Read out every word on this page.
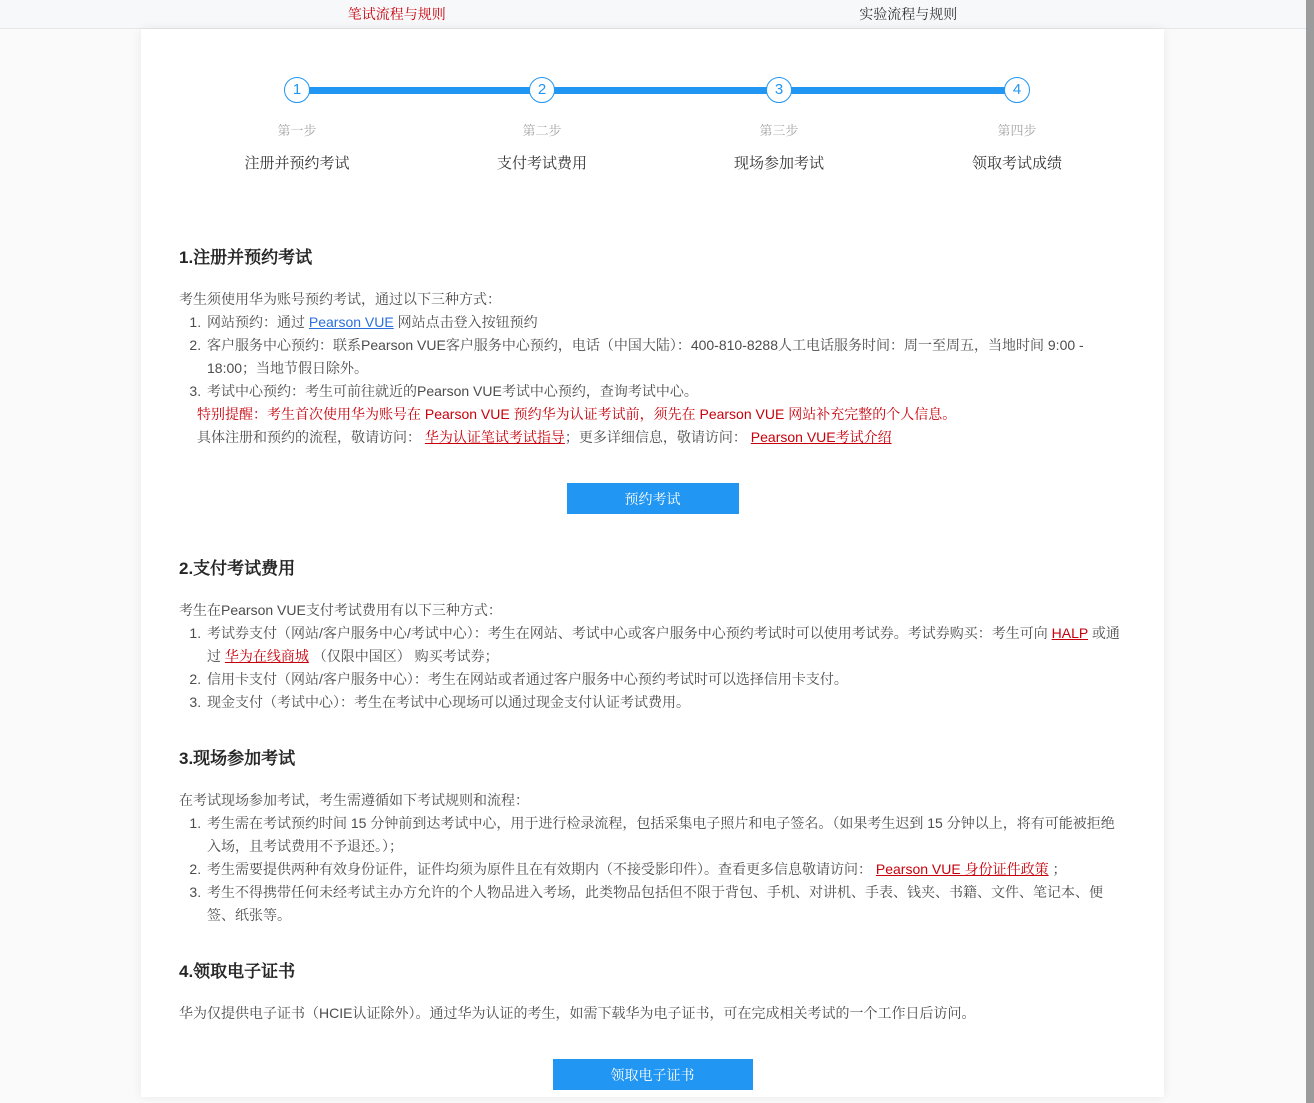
笔试流程与规则	实验流程与规则
1
第一步
注册并预约考试
2
第二步
支付考试费用
3
第三步
现场参加考试
4
第四步
领取考试成绩
1.注册并预约考试

考生须使用华为账号预约考试，通过以下三种方式：

1. 网站预约：通过 Pearson VUE 网站点击登入按钮预约
2. 客户服务中心预约：联系Pearson VUE客户服务中心预约，电话（中国大陆）：400-810-8288人工电话服务时间：周一至周五，当地时间 9:00 - 18:00；当地节假日除外。
3. 考试中心预约：考生可前往就近的Pearson VUE考试中心预约，查询考试中心。
特别提醒：考生首次使用华为账号在 Pearson VUE 预约华为认证考试前，须先在 Pearson VUE 网站补充完整的个人信息。
具体注册和预约的流程，敬请访问： 华为认证笔试考试指导；更多详细信息，敬请访问： Pearson VUE考试介绍
预约考试
2.支付考试费用

考生在Pearson VUE支付考试费用有以下三种方式：

1. 考试券支付（网站/客户服务中心/考试中心）：考生在网站、考试中心或客户服务中心预约考试时可以使用考试券。考试券购买：考生可向 HALP 或通过 华为在线商城 （仅限中国区） 购买考试券；
2. 信用卡支付（网站/客户服务中心）：考生在网站或者通过客户服务中心预约考试时可以选择信用卡支付。
3. 现金支付（考试中心）：考生在考试中心现场可以通过现金支付认证考试费用。
3.现场参加考试

在考试现场参加考试，考生需遵循如下考试规则和流程：

1. 考生需在考试预约时间 15 分钟前到达考试中心，用于进行检录流程，包括采集电子照片和电子签名。（如果考生迟到 15 分钟以上，将有可能被拒绝入场，且考试费用不予退还。）；
2. 考生需要提供两种有效身份证件，证件均须为原件且在有效期内（不接受影印件）。查看更多信息敬请访问： Pearson VUE 身份证件政策 ；
3. 考生不得携带任何未经考试主办方允许的个人物品进入考场，此类物品包括但不限于背包、手机、对讲机、手表、钱夹、书籍、文件、笔记本、便签、纸张等。
4.领取电子证书

华为仅提供电子证书（HCIE认证除外）。通过华为认证的考生，如需下载华为电子证书，可在完成相关考试的一个工作日后访问。

领取电子证书
